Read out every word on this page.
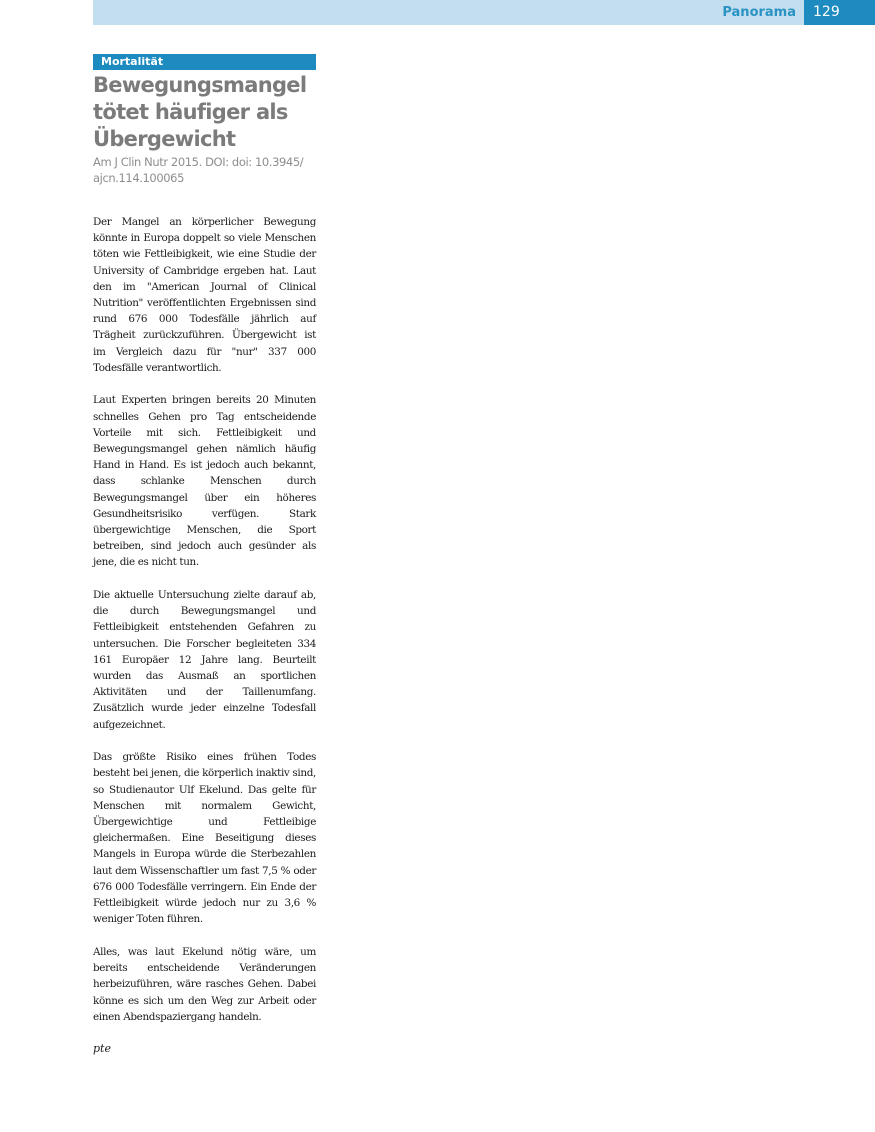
Panorama 129
Mortalität
Bewegungsmangel tötet häufiger als Übergewicht
Am J Clin Nutr 2015. DOI: doi: 10.3945/ ajcn.114.100065

Der Mangel an körperlicher Bewegung könnte in Europa doppelt so viele Menschen töten wie Fettleibigkeit, wie eine Studie der University of Cambridge ergeben hat. Laut den im "American Journal of Clinical Nutrition" veröffentlichten Ergebnissen sind rund 676 000 Todesfälle jährlich auf Trägheit zurückzuführen. Übergewicht ist im Vergleich dazu für "nur" 337 000 Todesfälle verantwortlich.

Laut Experten bringen bereits 20 Minuten schnelles Gehen pro Tag entscheidende Vorteile mit sich. Fettleibigkeit und Bewegungsmangel gehen nämlich häufig Hand in Hand. Es ist jedoch auch bekannt, dass schlanke Menschen durch Bewegungsmangel über ein höheres Gesundheitsrisiko verfügen. Stark übergewichtige Menschen, die Sport betreiben, sind jedoch auch gesünder als jene, die es nicht tun.

Die aktuelle Untersuchung zielte darauf ab, die durch Bewegungsmangel und Fettleibigkeit entstehenden Gefahren zu untersuchen. Die Forscher begleiteten 334 161 Europäer 12 Jahre lang. Beurteilt wurden das Ausmaß an sportlichen Aktivitäten und der Taillenumfang. Zusätzlich wurde jeder einzelne Todesfall aufgezeichnet.

Das größte Risiko eines frühen Todes besteht bei jenen, die körperlich inaktiv sind, so Studienautor Ulf Ekelund. Das gelte für Menschen mit normalem Gewicht, Übergewichtige und Fettleibige gleichermaßen. Eine Beseitigung dieses Mangels in Europa würde die Sterbezahlen laut dem Wissenschaftler um fast 7,5 % oder 676 000 Todesfälle verringern. Ein Ende der Fettleibigkeit würde jedoch nur zu 3,6 % weniger Toten führen.

Alles, was laut Ekelund nötig wäre, um bereits entscheidende Veränderungen herbeizuführen, wäre rasches Gehen. Dabei könne es sich um den Weg zur Arbeit oder einen Abendspaziergang handeln.

pte
